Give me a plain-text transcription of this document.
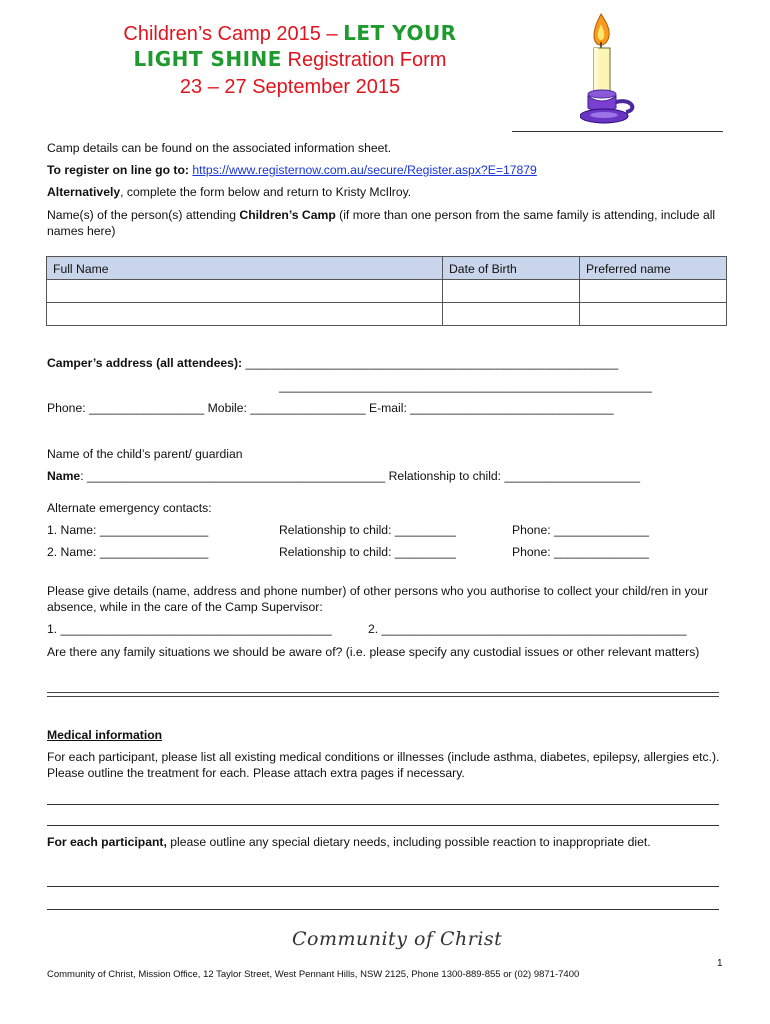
Children’s Camp 2015 – LET YOUR
LIGHT SHINE Registration Form
23 – 27 September 2015
Camp details can be found on the associated information sheet.
To register on line go to: https://www.registernow.com.au/secure/Register.aspx?E=17879
Alternatively, complete the form below and return to Kristy McIlroy.
Name(s) of the person(s) attending Children’s Camp (if more than one person from the same family is attending, include all names here)
Full Name	Date of Birth	Preferred name

Camper’s address (all attendees): _______________________________________________________
_______________________________________________________
Phone: _________________ Mobile: _________________ E-mail: ______________________________
Name of the child’s parent/ guardian
Name: ____________________________________________ Relationship to child: ____________________
Alternate emergency contacts:
1. Name: ________________	Relationship to child: _________	Phone: ______________
2. Name: ________________	Relationship to child: _________	Phone: ______________
Please give details (name, address and phone number) of other persons who you authorise to collect your child/ren in your absence, while in the care of the Camp Supervisor:
1. ________________________________________	2. _____________________________________________
Are there any family situations we should be aware of? (i.e. please specify any custodial issues or other relevant matters)
Medical information
For each participant, please list all existing medical conditions or illnesses (include asthma, diabetes, epilepsy, allergies etc.). Please outline the treatment for each. Please attach extra pages if necessary.
For each participant, please outline any special dietary needs, including possible reaction to inappropriate diet.
Community of Christ
1
Community of Christ, Mission Office, 12 Taylor Street, West Pennant Hills, NSW 2125, Phone 1300-889-855 or (02) 9871-7400
